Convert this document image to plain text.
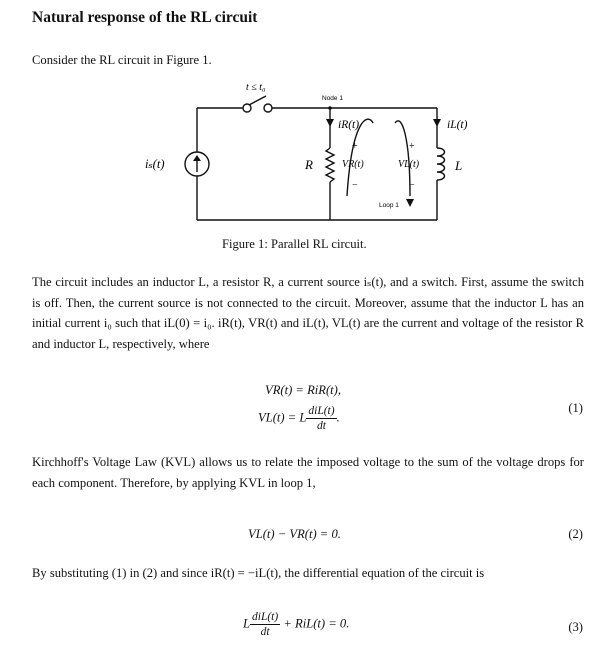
Natural response of the RL circuit
Consider the RL circuit in Figure 1.
t ≤ t₀
Node 1
iₛ(t)
iR(t)	iL(t)
R	L
+
VR(t)
−
+
VL(t)
−
Loop 1
Figure 1: Parallel RL circuit.
The circuit includes an inductor L, a resistor R, a current source iₛ(t), and a switch. First, assume the switch is off. Then, the current source is not connected to the circuit. Moreover, assume that the inductor L has an initial current i₀ such that iL(0) = i₀. iR(t), VR(t) and iL(t), VL(t) are the current and voltage of the resistor R and inductor L, respectively, where
VR(t) = RiR(t),
VL(t) = L $\frac{\text{diL(t)}}{dt}$ .
(1)
Kirchhoff's Voltage Law (KVL) allows us to relate the imposed voltage to the sum of the voltage drops for each component. Therefore, by applying KVL in loop 1,
VL(t) − VR(t) = 0.	(2)
By substituting (1) in (2) and since iR(t) = −iL(t), the differential equation of the circuit is
L $\frac{\text{diL(t)}}{dt} + RiL(t) = 0$.	(3)
